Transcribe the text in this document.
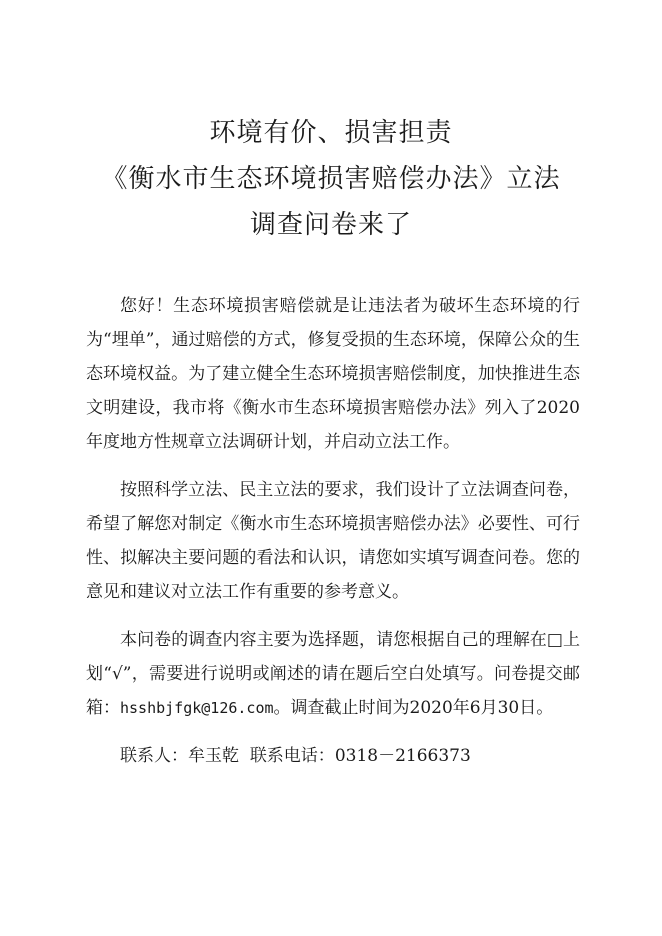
环境有价、损害担责
《衡水市生态环境损害赔偿办法》立法
调查问卷来了

您好！生态环境损害赔偿就是让违法者为破坏生态环境的行为“埋单”，通过赔偿的方式，修复受损的生态环境，保障公众的生态环境权益。为了建立健全生态环境损害赔偿制度，加快推进生态文明建设，我市将《衡水市生态环境损害赔偿办法》列入了2020年度地方性规章立法调研计划，并启动立法工作。

按照科学立法、民主立法的要求，我们设计了立法调查问卷，希望了解您对制定《衡水市生态环境损害赔偿办法》必要性、可行性、拟解决主要问题的看法和认识，请您如实填写调查问卷。您的意见和建议对立法工作有重要的参考意义。

本问卷的调查内容主要为选择题，请您根据自己的理解在□上划“√”，需要进行说明或阐述的请在题后空白处填写。问卷提交邮箱：hsshbjfgk@126.com。调查截止时间为2020年6月30日。

联系人：牟玉乾 联系电话：0318－2166373
